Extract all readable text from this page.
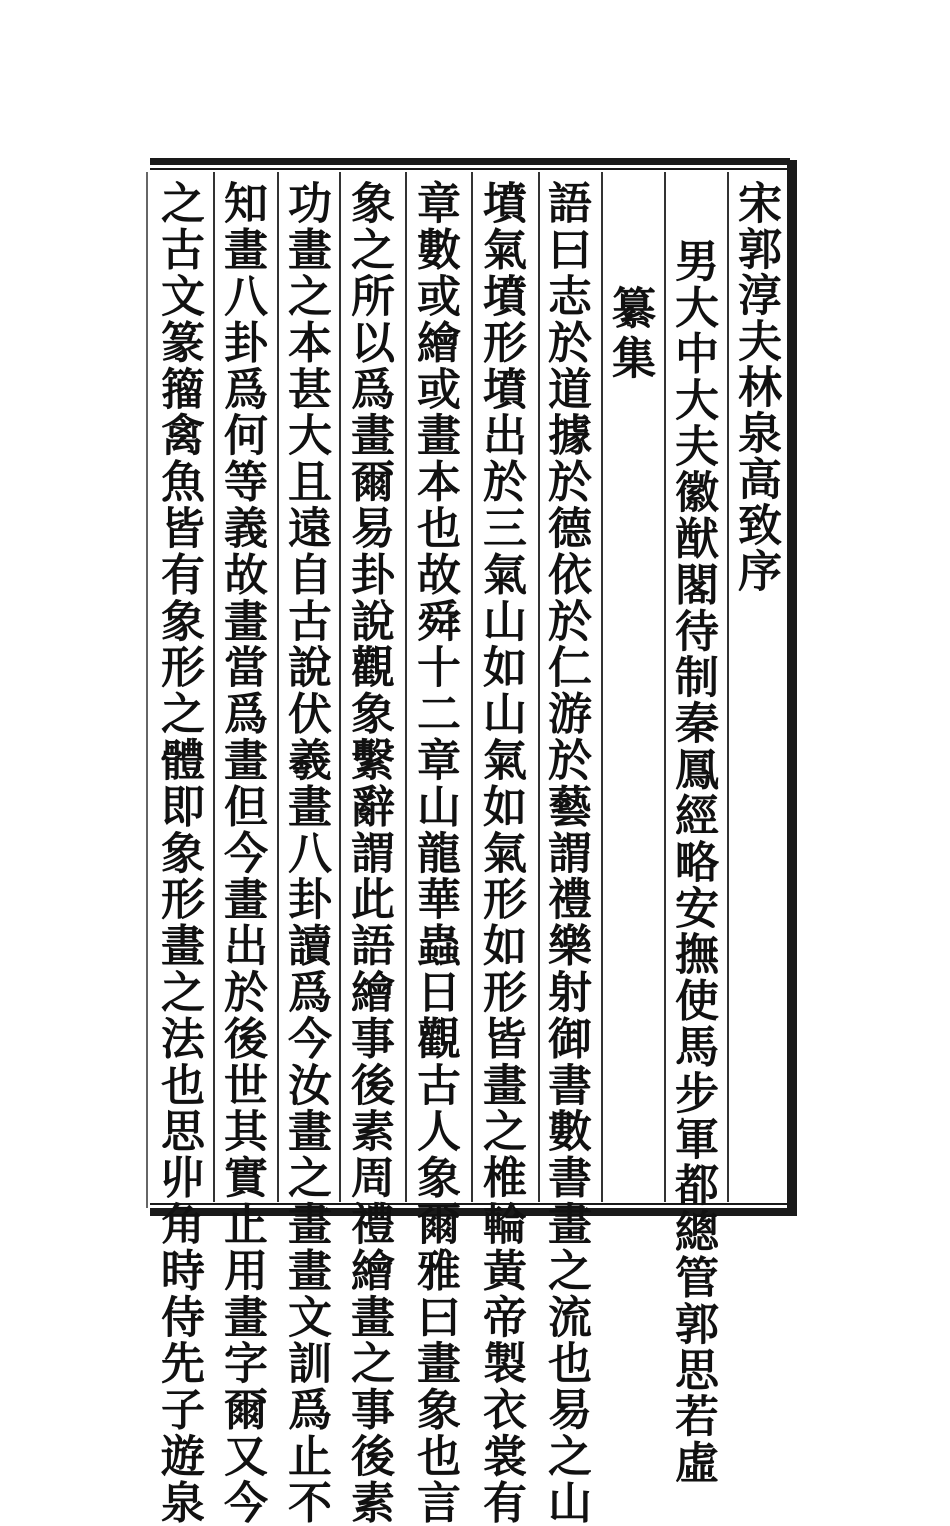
宋郭淳夫林泉高致序
男大中大夫徽猷閣待制秦鳳經略安撫使馬步軍都總管郭思若虛
纂集
語曰志於道據於德依於仁游於藝謂禮樂射御書數書畫之流也易之山
墳氣墳形墳出於三氣山如山氣如氣形如形皆畫之椎輪黃帝製衣裳有
章數或繪或畫本也故舜十二章山龍華蟲日觀古人象爾雅曰畫象也言
象之所以爲畫爾易卦說觀象繫辭謂此語繪事後素周禮繪畫之事後素
功畫之本甚大且遠自古說伏羲畫八卦讀爲今汝畫之畫畫文訓爲止不
知畫八卦爲何等義故畫當爲畫但今畫出於後世其實止用畫字爾又今
之古文篆籀禽魚皆有象形之體即象形畫之法也思丱角時侍先子遊泉
